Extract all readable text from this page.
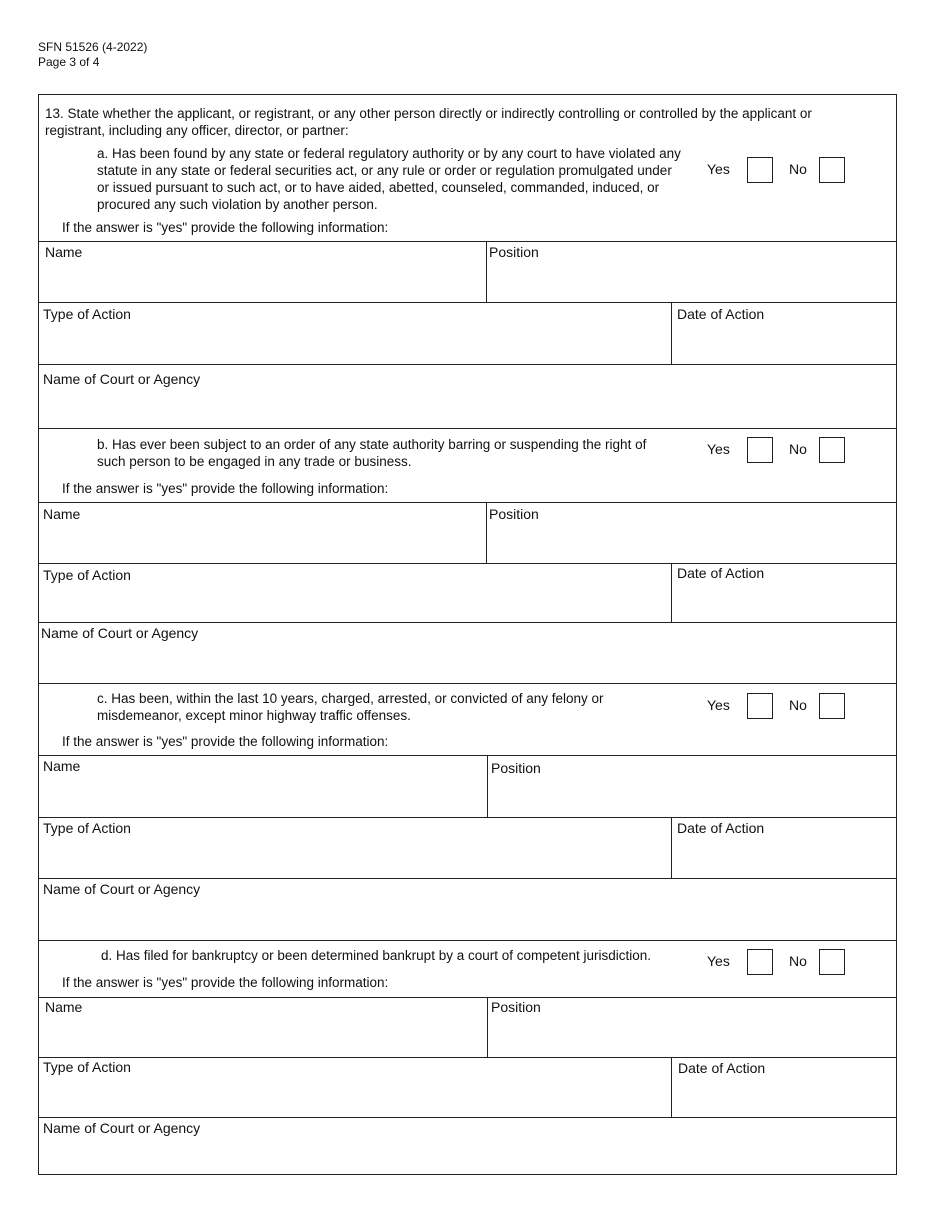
SFN 51526 (4-2022)
Page 3 of 4
13. State whether the applicant, or registrant, or any other person directly or indirectly controlling or controlled by the applicant or registrant, including any officer, director, or partner:
a. Has been found by any state or federal regulatory authority or by any court to have violated any statute in any state or federal securities act, or any rule or order or regulation promulgated under or issued pursuant to such act, or to have aided, abetted, counseled, commanded, induced, or procured any such violation by another person.
Yes	No
If the answer is "yes" provide the following information:
Name	Position
Type of Action	Date of Action
Name of Court or Agency
b. Has ever been subject to an order of any state authority barring or suspending the right of such person to be engaged in any trade or business.
Yes	No
If the answer is "yes" provide the following information:
Name	Position
Type of Action	Date of Action
Name of Court or Agency
c. Has been, within the last 10 years, charged, arrested, or convicted of any felony or misdemeanor, except minor highway traffic offenses.
Yes	No
If the answer is "yes" provide the following information:
Name	Position
Type of Action	Date of Action
Name of Court or Agency
d. Has filed for bankruptcy or been determined bankrupt by a court of competent jurisdiction.	Yes	No
If the answer is "yes" provide the following information:
Name	Position
Type of Action	Date of Action
Name of Court or Agency
